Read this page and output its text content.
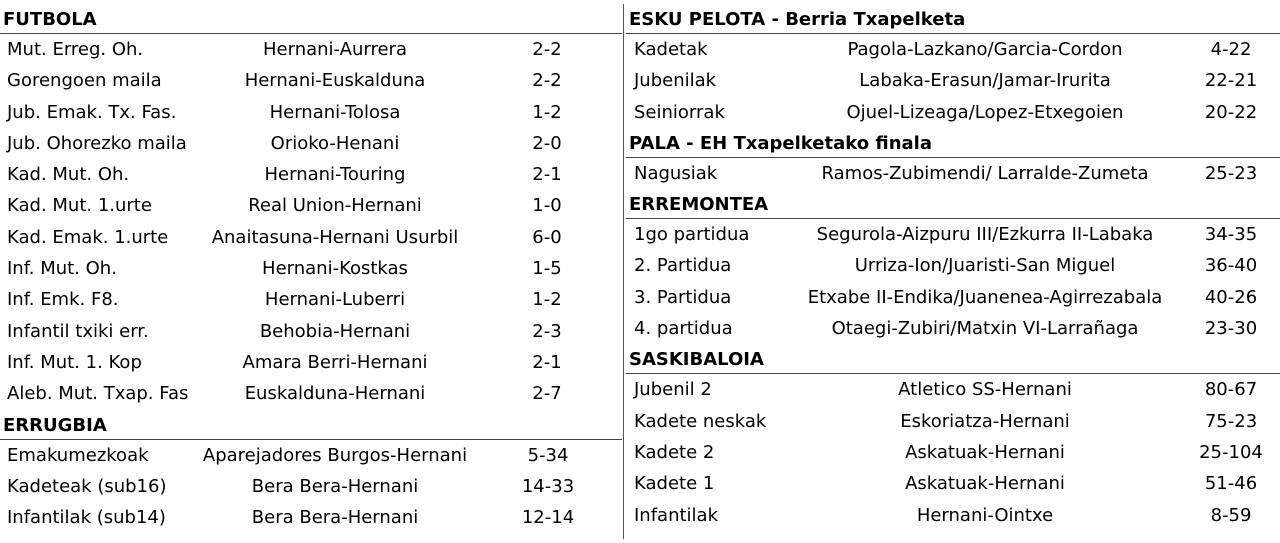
FUTBOLA
Mut. Erreg. Oh.	Hernani-Aurrera	2-2
Gorengoen maila	Hernani-Euskalduna	2-2
Jub. Emak. Tx. Fas.	Hernani-Tolosa	1-2
Jub. Ohorezko maila	Orioko-Henani	2-0
Kad. Mut. Oh.	Hernani-Touring	2-1
Kad. Mut. 1.urte	Real Union-Hernani	1-0
Kad. Emak. 1.urte	Anaitasuna-Hernani Usurbil	6-0
Inf. Mut. Oh.	Hernani-Kostkas	1-5
Inf. Emk. F8.	Hernani-Luberri	1-2
Infantil txiki err.	Behobia-Hernani	2-3
Inf. Mut. 1. Kop	Amara Berri-Hernani	2-1
Aleb. Mut. Txap. Fas	Euskalduna-Hernani	2-7
ERRUGBIA
Emakumezkoak	Aparejadores Burgos-Hernani	5-34
Kadeteak (sub16)	Bera Bera-Hernani	14-33
Infantilak (sub14)	Bera Bera-Hernani	12-14
ESKU PELOTA - Berria Txapelketa
Kadetak	Pagola-Lazkano/Garcia-Cordon	4-22
Jubenilak	Labaka-Erasun/Jamar-Irurita	22-21
Seiniorrak	Ojuel-Lizeaga/Lopez-Etxegoien	20-22
PALA - EH Txapelketako finala
Nagusiak	Ramos-Zubimendi/ Larralde-Zumeta	25-23
ERREMONTEA
1go partidua	Segurola-Aizpuru III/Ezkurra II-Labaka	34-35
2. Partidua	Urriza-Ion/Juaristi-San Miguel	36-40
3. Partidua	Etxabe II-Endika/Juanenea-Agirrezabala	40-26
4. partidua	Otaegi-Zubiri/Matxin VI-Larrañaga	23-30
SASKIBALOIA
Jubenil 2	Atletico SS-Hernani	80-67
Kadete neskak	Eskoriatza-Hernani	75-23
Kadete 2	Askatuak-Hernani	25-104
Kadete 1	Askatuak-Hernani	51-46
Infantilak	Hernani-Ointxe	8-59
